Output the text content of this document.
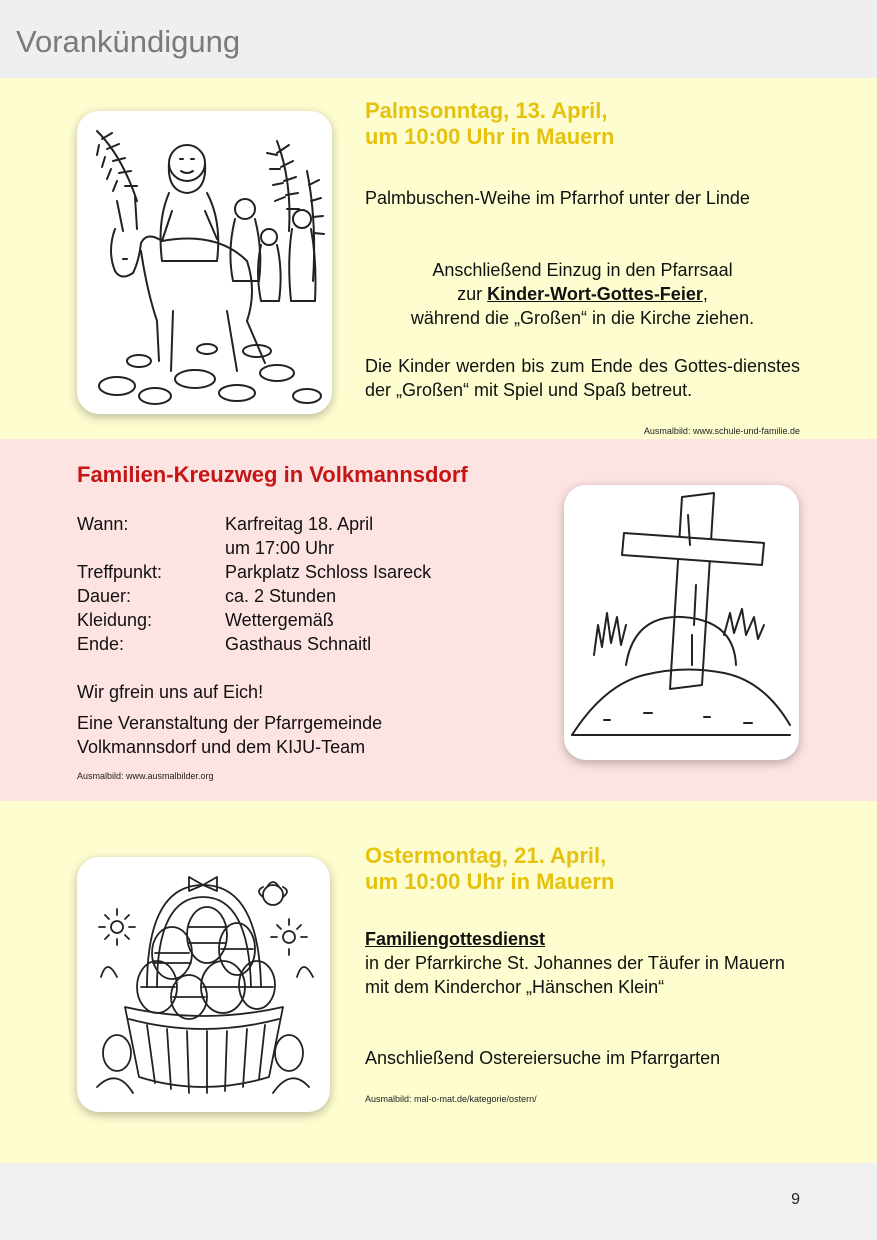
Vorankündigung
Palmsonntag, 13. April,
um 10:00 Uhr in Mauern
Palmbuschen-Weihe im Pfarrhof unter der Linde
Anschließend Einzug in den Pfarrsaal
zur Kinder-Wort-Gottes-Feier,
während die „Großen“ in die Kirche ziehen.
Die Kinder werden bis zum Ende des Gottes-dienstes der „Großen“ mit Spiel und Spaß betreut.
Ausmalbild: www.schule-und-familie.de
Familien-Kreuzweg in Volkmannsdorf
Wann:	Karfreitag 18. April
um 17:00 Uhr
Treffpunkt:	Parkplatz Schloss Isareck
Dauer:	ca. 2 Stunden
Kleidung:	Wettergemäß
Ende:	Gasthaus Schnaitl
Wir gfrein uns auf Eich!
Eine Veranstaltung der Pfarrgemeinde Volkmannsdorf und dem KIJU-Team
Ausmalbild: www.ausmalbilder.org
Ostermontag, 21. April,
um 10:00 Uhr in Mauern
Familiengottesdienst
in der Pfarrkirche St. Johannes der Täufer in Mauern mit dem Kinderchor „Hänschen Klein“
Anschließend Ostereiersuche im Pfarrgarten
Ausmalbild: mal-o-mat.de/kategorie/ostern/
9
